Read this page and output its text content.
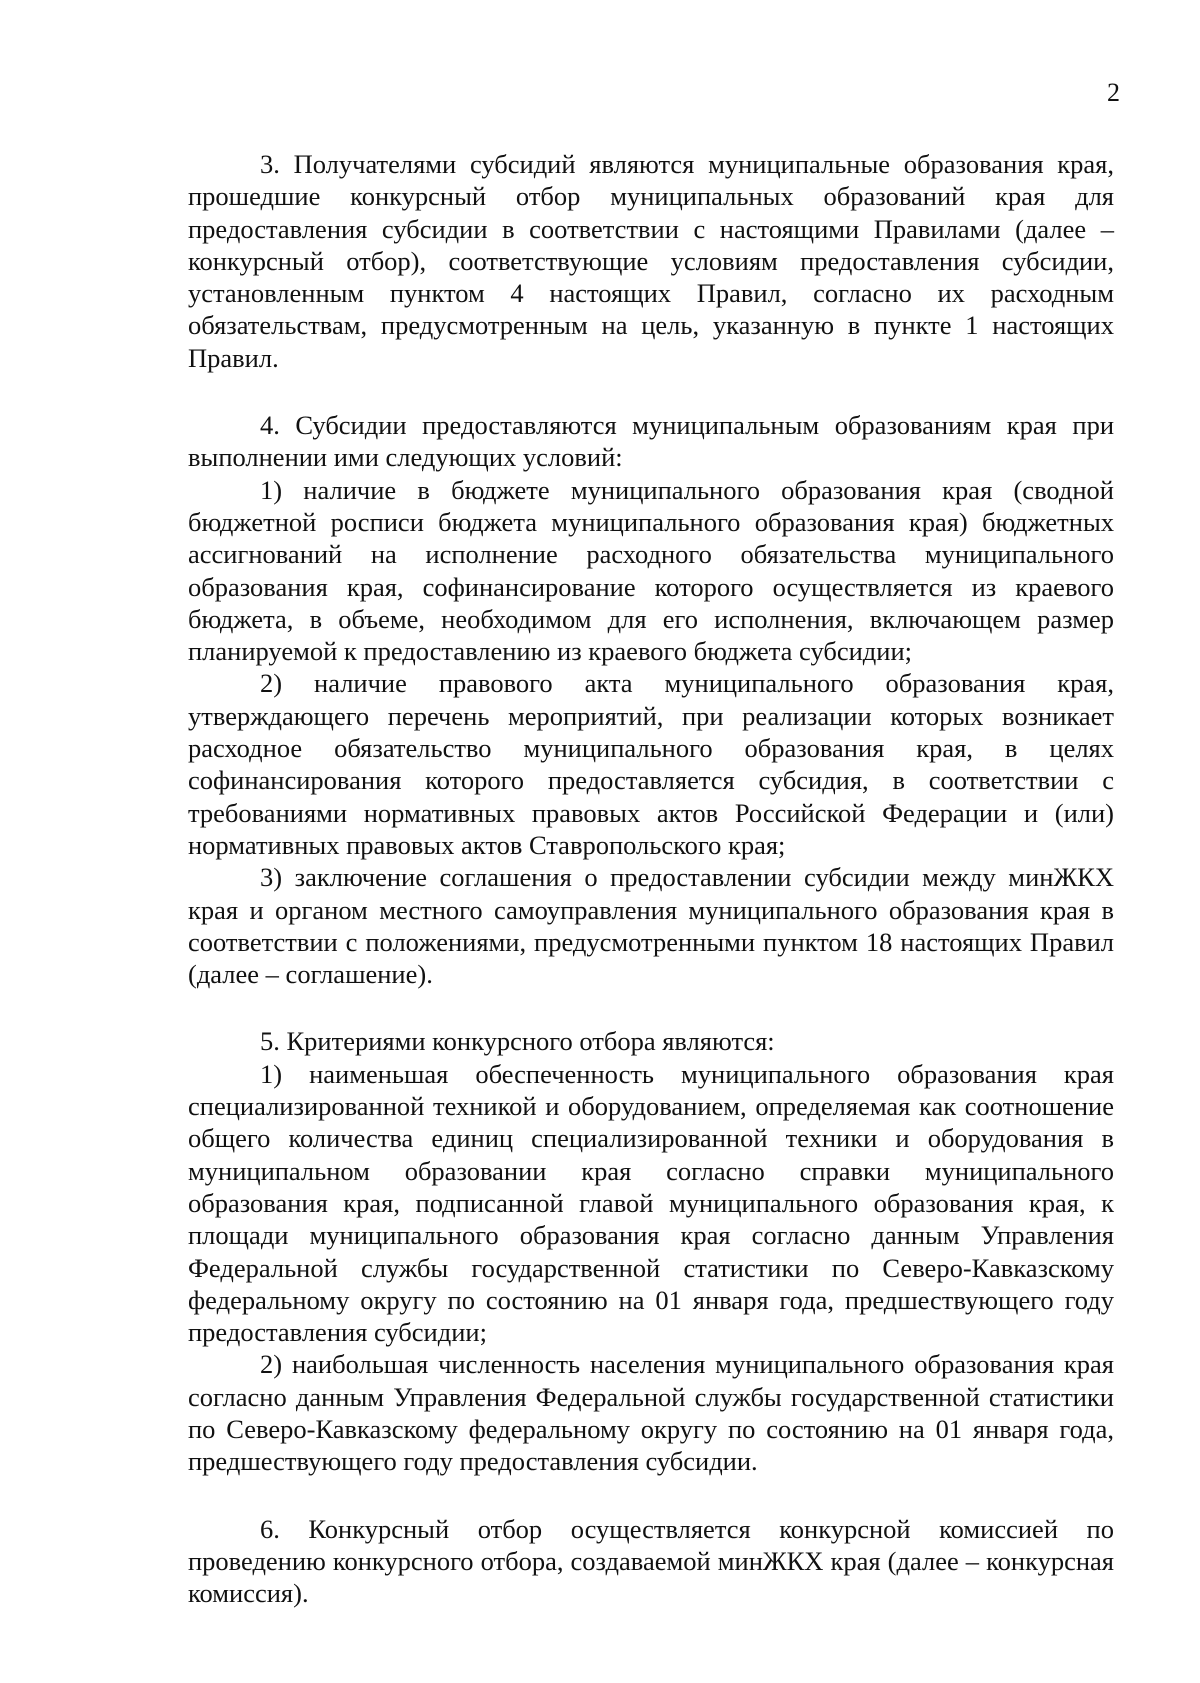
2

3. Получателями субсидий являются муниципальные образования края, прошедшие конкурсный отбор муниципальных образований края для предоставления субсидии в соответствии с настоящими Правилами (далее – конкурсный отбор), соответствующие условиям предоставления субсидии, установленным пунктом 4 настоящих Правил, согласно их расходным обязательствам, предусмотренным на цель, указанную в пункте 1 настоящих Правил.

4. Субсидии предоставляются муниципальным образованиям края при выполнении ими следующих условий:

1) наличие в бюджете муниципального образования края (сводной бюджетной росписи бюджета муниципального образования края) бюджетных ассигнований на исполнение расходного обязательства муниципального образования края, софинансирование которого осуществляется из краевого бюджета, в объеме, необходимом для его исполнения, включающем размер планируемой к предоставлению из краевого бюджета субсидии;

2) наличие правового акта муниципального образования края, утверждающего перечень мероприятий, при реализации которых возникает расходное обязательство муниципального образования края, в целях софинансирования которого предоставляется субсидия, в соответствии с требованиями нормативных правовых актов Российской Федерации и (или) нормативных правовых актов Ставропольского края;

3) заключение соглашения о предоставлении субсидии между минЖКХ края и органом местного самоуправления муниципального образования края в соответствии с положениями, предусмотренными пунктом 18 настоящих Правил (далее – соглашение).

5. Критериями конкурсного отбора являются:

1) наименьшая обеспеченность муниципального образования края специализированной техникой и оборудованием, определяемая как соотношение общего количества единиц специализированной техники и оборудования в муниципальном образовании края согласно справки муниципального образования края, подписанной главой муниципального образования края, к площади муниципального образования края согласно данным Управления Федеральной службы государственной статистики по Северо-Кавказскому федеральному округу по состоянию на 01 января года, предшествующего году предоставления субсидии;

2) наибольшая численность населения муниципального образования края согласно данным Управления Федеральной службы государственной статистики по Северо-Кавказскому федеральному округу по состоянию на 01 января года, предшествующего году предоставления субсидии.

6. Конкурсный отбор осуществляется конкурсной комиссией по проведению конкурсного отбора, создаваемой минЖКХ края (далее – конкурсная комиссия).
